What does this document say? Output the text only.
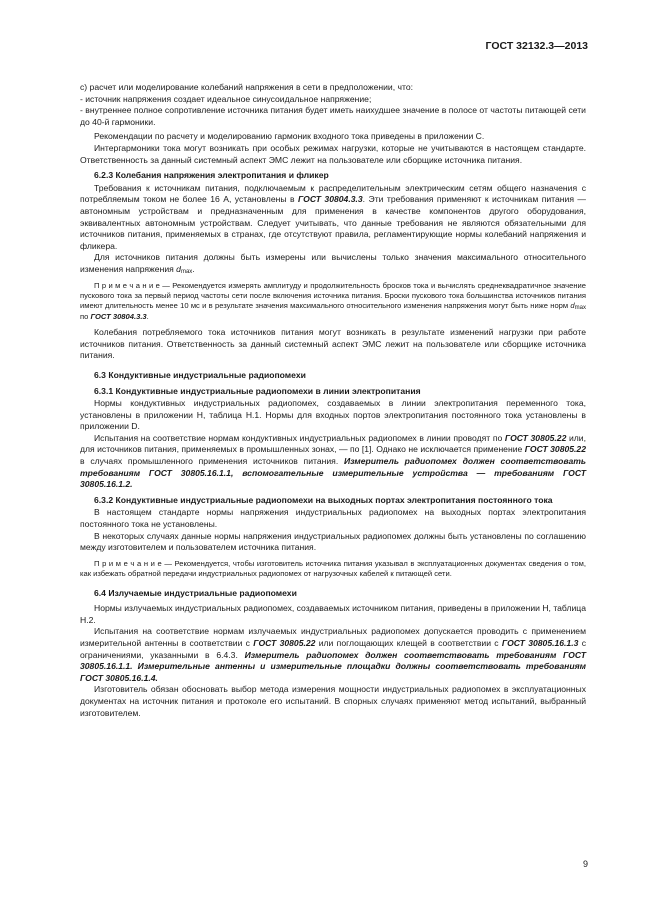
ГОСТ 32132.3—2013

с) расчет или моделирование колебаний напряжения в сети в предположении, что:

- источник напряжения создает идеальное синусоидальное напряжение;

- внутреннее полное сопротивление источника питания будет иметь наихудшее значение в полосе от частоты питающей сети до 40-й гармоники.

Рекомендации по расчету и моделированию гармоник входного тока приведены в приложении С.

Интергармоники тока могут возникать при особых режимах нагрузки, которые не учитываются в настоящем стандарте. Ответственность за данный системный аспект ЭМС лежит на пользователе или сборщике источника питания.

6.2.3 Колебания напряжения электропитания и фликер

Требования к источникам питания, подключаемым к распределительным электрическим сетям общего назначения с потребляемым током не более 16 А, установлены в ГОСТ 30804.3.3. Эти требования применяют к источникам питания — автономным устройствам и предназначенным для применения в качестве компонентов другого оборудования, эквивалентных автономным устройствам. Следует учитывать, что данные требования не являются обязательными для источников питания, применяемых в странах, где отсутствуют правила, регламентирующие нормы колебаний напряжения и фликера.

Для источников питания должны быть измерены или вычислены только значения максимального относительного изменения напряжения $d_{max}$.

П р и м е ч а н и е — Рекомендуется измерять амплитуду и продолжительность бросков тока и вычислять среднеквадратичное значение пускового тока за первый период частоты сети после включения источника питания. Броски пускового тока большинства источников питания имеют длительность менее 10 мс и в результате значения максимального относительного изменения напряжения могут быть ниже норм $d_{max}$ по ГОСТ 30804.3.3.

Колебания потребляемого тока источников питания могут возникать в результате изменений нагрузки при работе источников питания. Ответственность за данный системный аспект ЭМС лежит на пользователе или сборщике источника питания.

6.3 Кондуктивные индустриальные радиопомехи

6.3.1 Кондуктивные индустриальные радиопомехи в линии электропитания

Нормы кондуктивных индустриальных радиопомех, создаваемых в линии электропитания переменного тока, установлены в приложении Н, таблица Н.1. Нормы для входных портов электропитания постоянного тока установлены в приложении D.

Испытания на соответствие нормам кондуктивных индустриальных радиопомех в линии проводят по ГОСТ 30805.22 или, для источников питания, применяемых в промышленных зонах, — по [1]. Однако не исключается применение ГОСТ 30805.22 в случаях промышленного применения источников питания. Измеритель радиопомех должен соответствовать требованиям ГОСТ 30805.16.1.1, вспомогательные измерительные устройства — требованиям ГОСТ 30805.16.1.2.

6.3.2 Кондуктивные индустриальные радиопомехи на выходных портах электропитания постоянного тока

В настоящем стандарте нормы напряжения индустриальных радиопомех на выходных портах электропитания постоянного тока не установлены.

В некоторых случаях данные нормы напряжения индустриальных радиопомех должны быть установлены по соглашению между изготовителем и пользователем источника питания.

П р и м е ч а н и е — Рекомендуется, чтобы изготовитель источника питания указывал в эксплуатационных документах сведения о том, как избежать обратной передачи индустриальных радиопомех от нагрузочных кабелей к питающей сети.

6.4 Излучаемые индустриальные радиопомехи

Нормы излучаемых индустриальных радиопомех, создаваемых источником питания, приведены в приложении Н, таблица Н.2.

Испытания на соответствие нормам излучаемых индустриальных радиопомех допускается проводить с применением измерительной антенны в соответствии с ГОСТ 30805.22 или поглощающих клещей в соответствии с ГОСТ 30805.16.1.3 с ограничениями, указанными в 6.4.3. Измеритель радиопомех должен соответствовать требованиям ГОСТ 30805.16.1.1. Измерительные антенны и измерительные площадки должны соответствовать требованиям ГОСТ 30805.16.1.4.

Изготовитель обязан обосновать выбор метода измерения мощности индустриальных радиопомех в эксплуатационных документах на источник питания и протоколе его испытаний. В спорных случаях применяют метод испытаний, выбранный изготовителем.

9
